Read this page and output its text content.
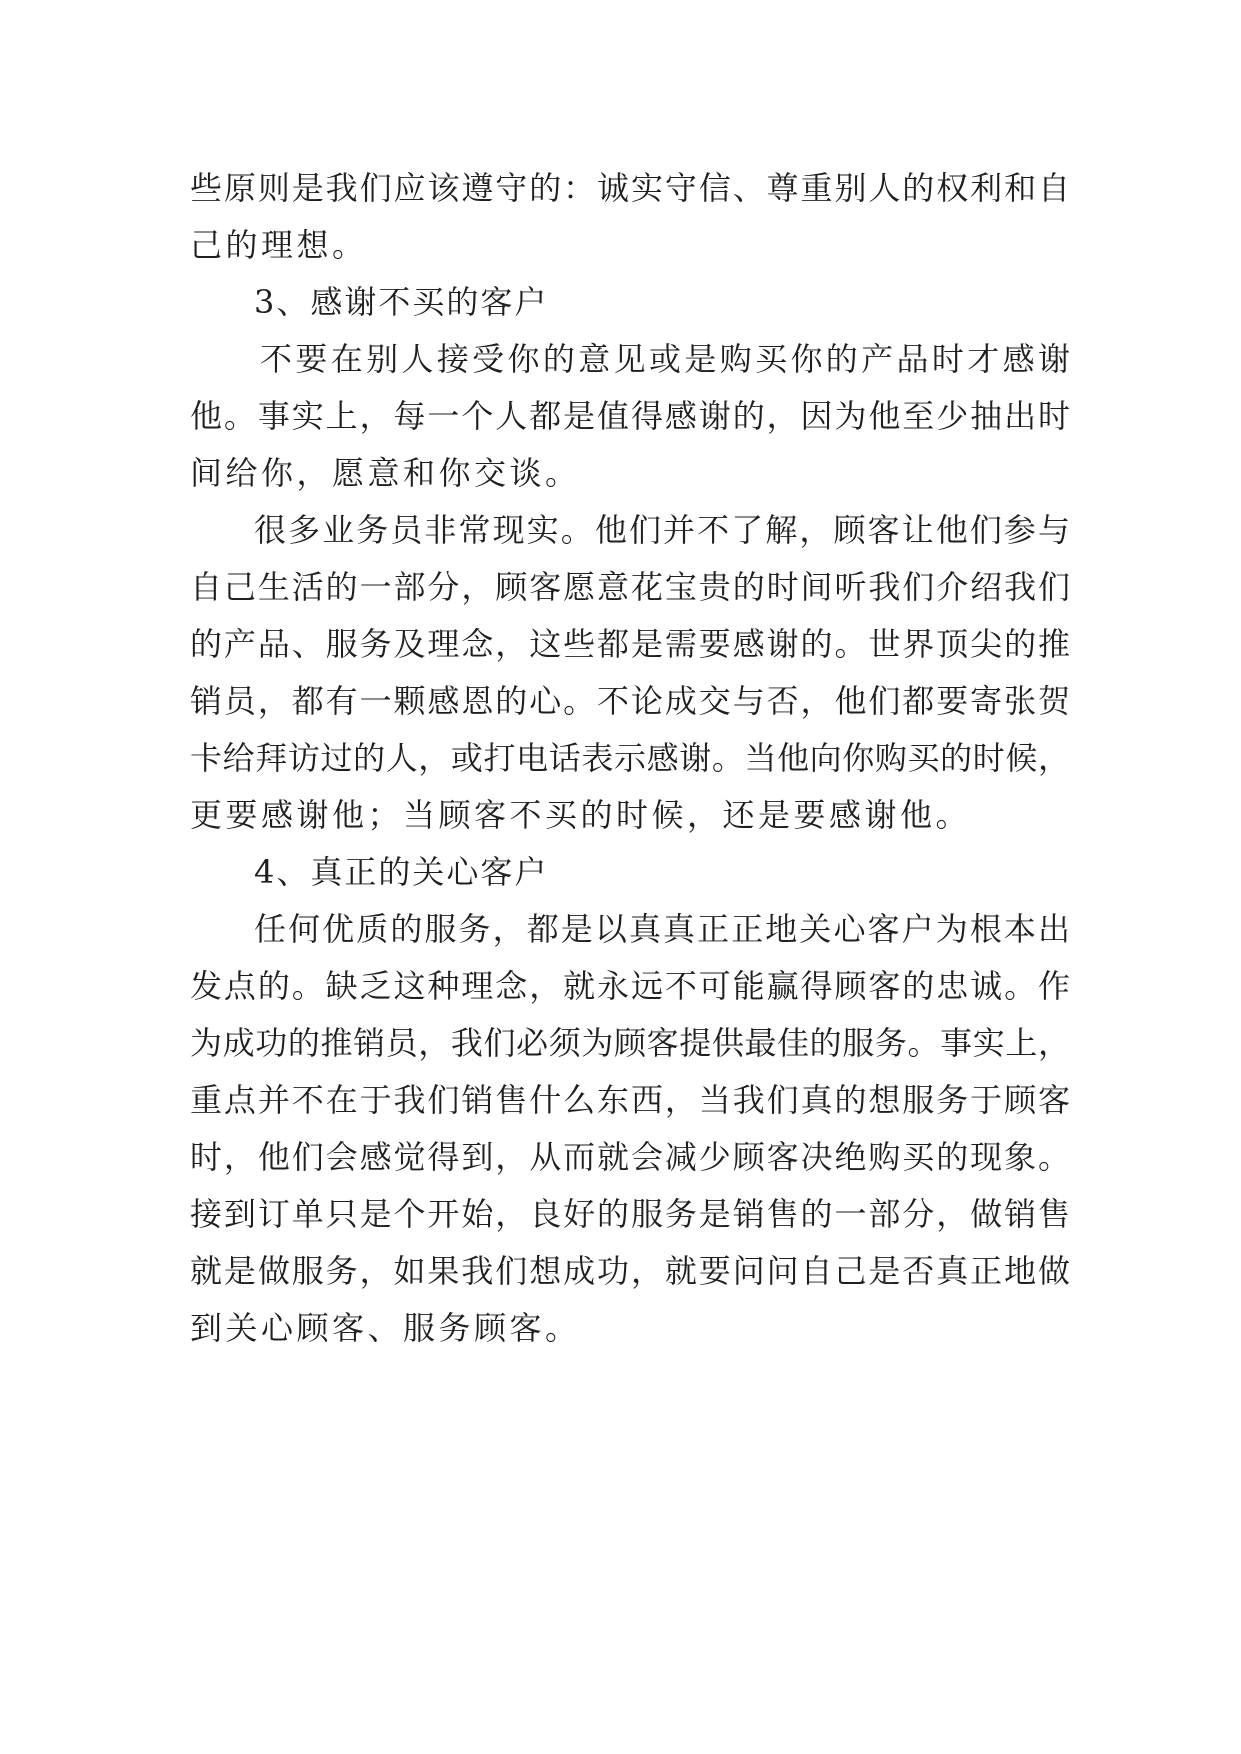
些原则是我们应该遵守的：诚实守信、尊重别人的权利和自
己的理想。
3、感谢不买的客户
不要在别人接受你的意见或是购买你的产品时才感谢
他。事实上，每一个人都是值得感谢的，因为他至少抽出时
间给你，愿意和你交谈。
很多业务员非常现实。他们并不了解，顾客让他们参与
自己生活的一部分，顾客愿意花宝贵的时间听我们介绍我们
的产品、服务及理念，这些都是需要感谢的。世界顶尖的推
销员，都有一颗感恩的心。不论成交与否，他们都要寄张贺
卡给拜访过的人，或打电话表示感谢。当他向你购买的时候，
更要感谢他；当顾客不买的时候，还是要感谢他。
4、真正的关心客户
任何优质的服务，都是以真真正正地关心客户为根本出
发点的。缺乏这种理念，就永远不可能赢得顾客的忠诚。作
为成功的推销员，我们必须为顾客提供最佳的服务。事实上，
重点并不在于我们销售什么东西，当我们真的想服务于顾客
时，他们会感觉得到，从而就会减少顾客决绝购买的现象。
接到订单只是个开始，良好的服务是销售的一部分，做销售
就是做服务，如果我们想成功，就要问问自己是否真正地做
到关心顾客、服务顾客。
